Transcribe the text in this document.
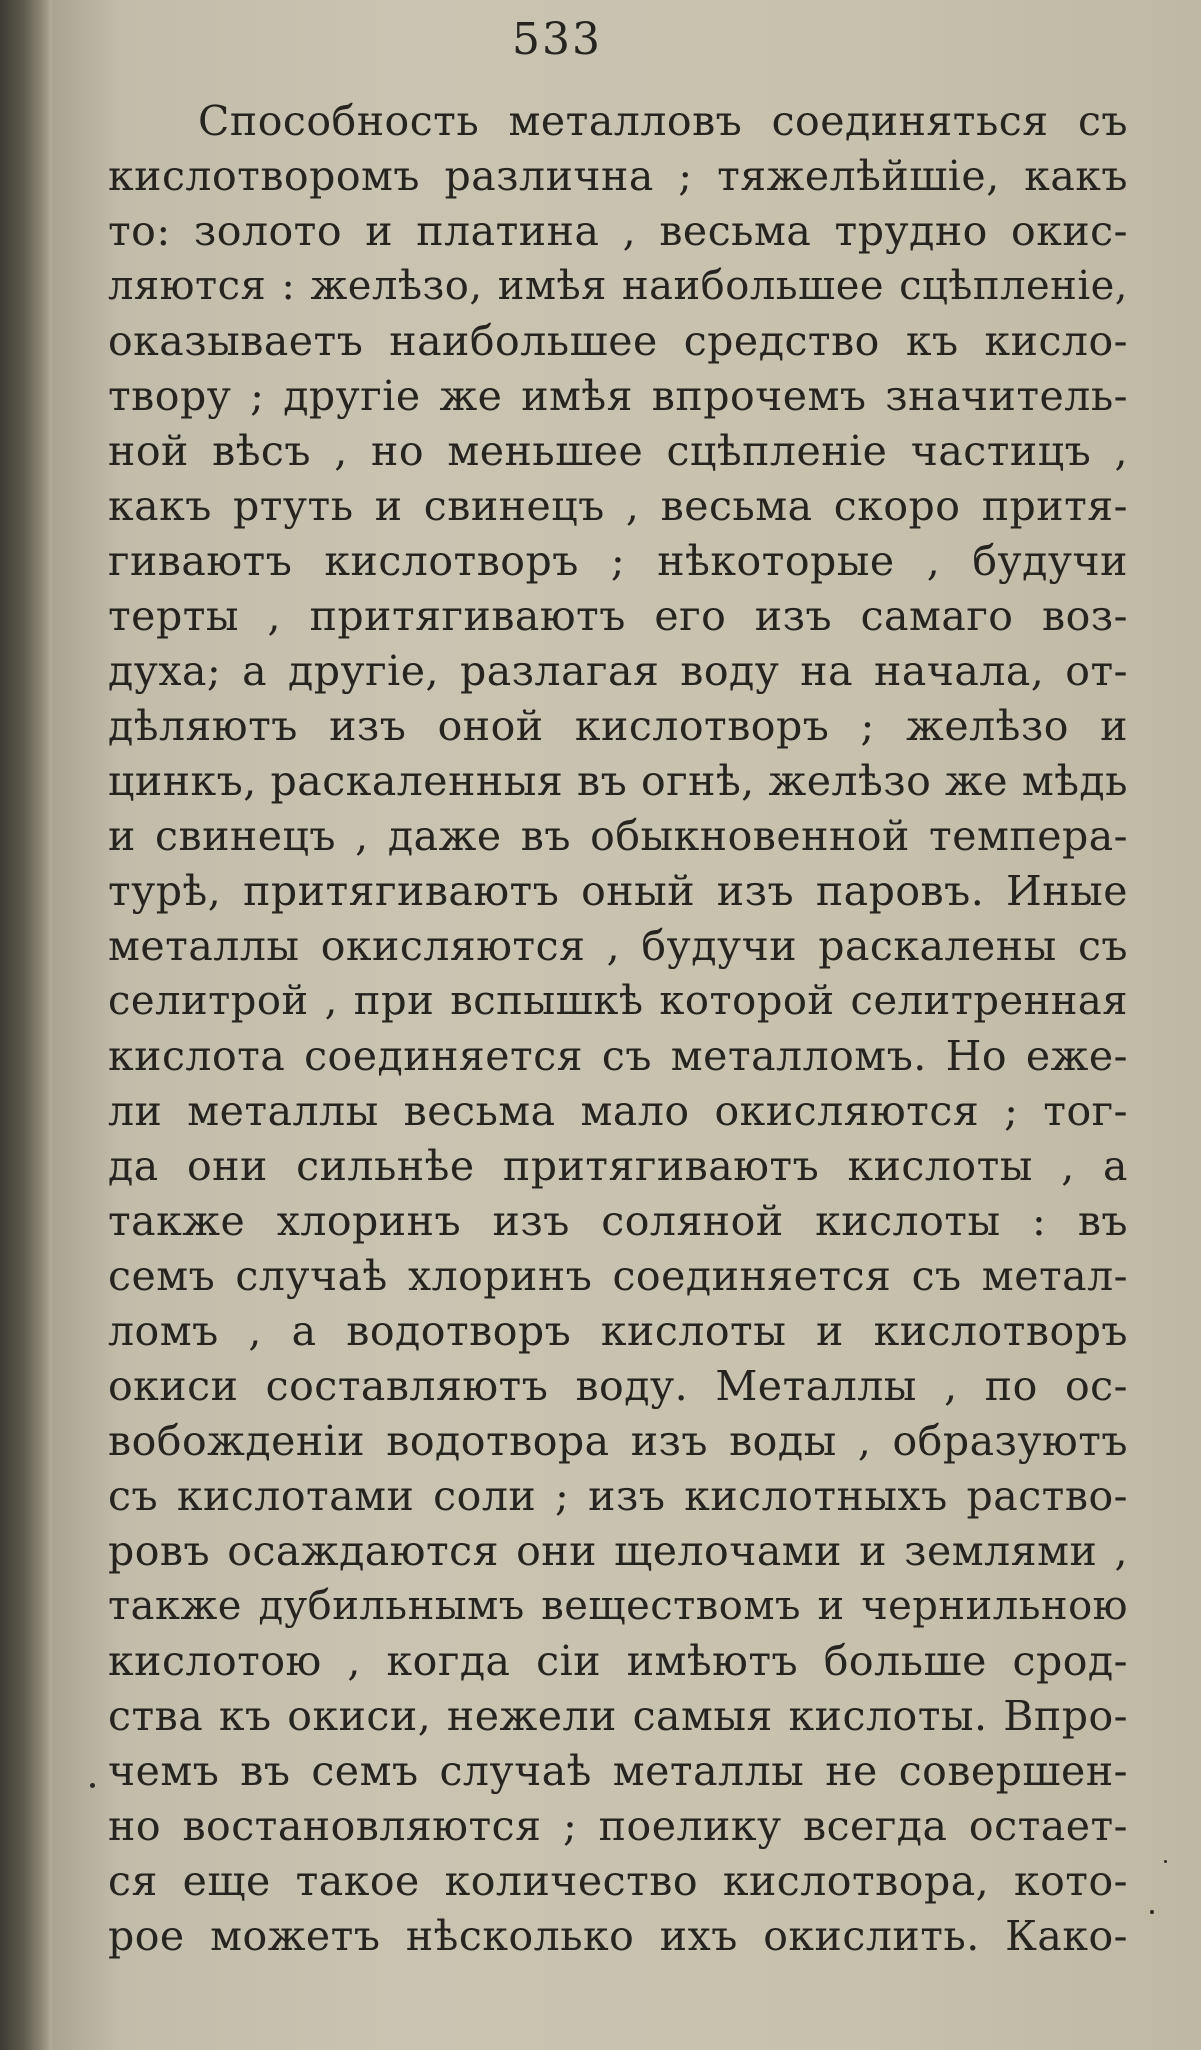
533
Способность металловъ соединяться съ
кислотворомъ различна ; тяжелѣйшіе, какъ
то: золото и платина , весьма трудно окис-
ляются : желѣзо, имѣя наибольшее сцѣпленіе,
оказываетъ наибольшее средство къ кисло-
твору ; другіе же имѣя впрочемъ значитель-
ной вѣсъ , но меньшее сцѣпленіе частицъ ,
какъ ртуть и свинецъ , весьма скоро притя-
гиваютъ кислотворъ ; нѣкоторые , будучи
терты , притягиваютъ его изъ самаго воз-
духа; а другіе, разлагая воду на начала, от-
дѣляютъ изъ оной кислотворъ ; желѣзо и
цинкъ, раскаленныя въ огнѣ, желѣзо же мѣдь
и свинецъ , даже въ обыкновенной темпера-
турѣ, притягиваютъ оный изъ паровъ. Иные
металлы окисляются , будучи раскалены съ
селитрой , при вспышкѣ которой селитренная
кислота соединяется съ металломъ. Но еже-
ли металлы весьма мало окисляются ; тог-
да они сильнѣе притягиваютъ кислоты , а
также хлоринъ изъ соляной кислоты : въ
семъ случаѣ хлоринъ соединяется съ метал-
ломъ , а водотворъ кислоты и кислотворъ
окиси составляютъ воду. Металлы , по ос-
вобожденіи водотвора изъ воды , образуютъ
съ кислотами соли ; изъ кислотныхъ раство-
ровъ осаждаются они щелочами и землями ,
также дубильнымъ веществомъ и чернильною
кислотою , когда сіи имѣютъ больше срод-
ства къ окиси, нежели самыя кислоты. Впро-
чемъ въ семъ случаѣ металлы не совершен-
но востановляются ; поелику всегда остает-
ся еще такое количество кислотвора, кото-
рое можетъ нѣсколько ихъ окислить. Како-
